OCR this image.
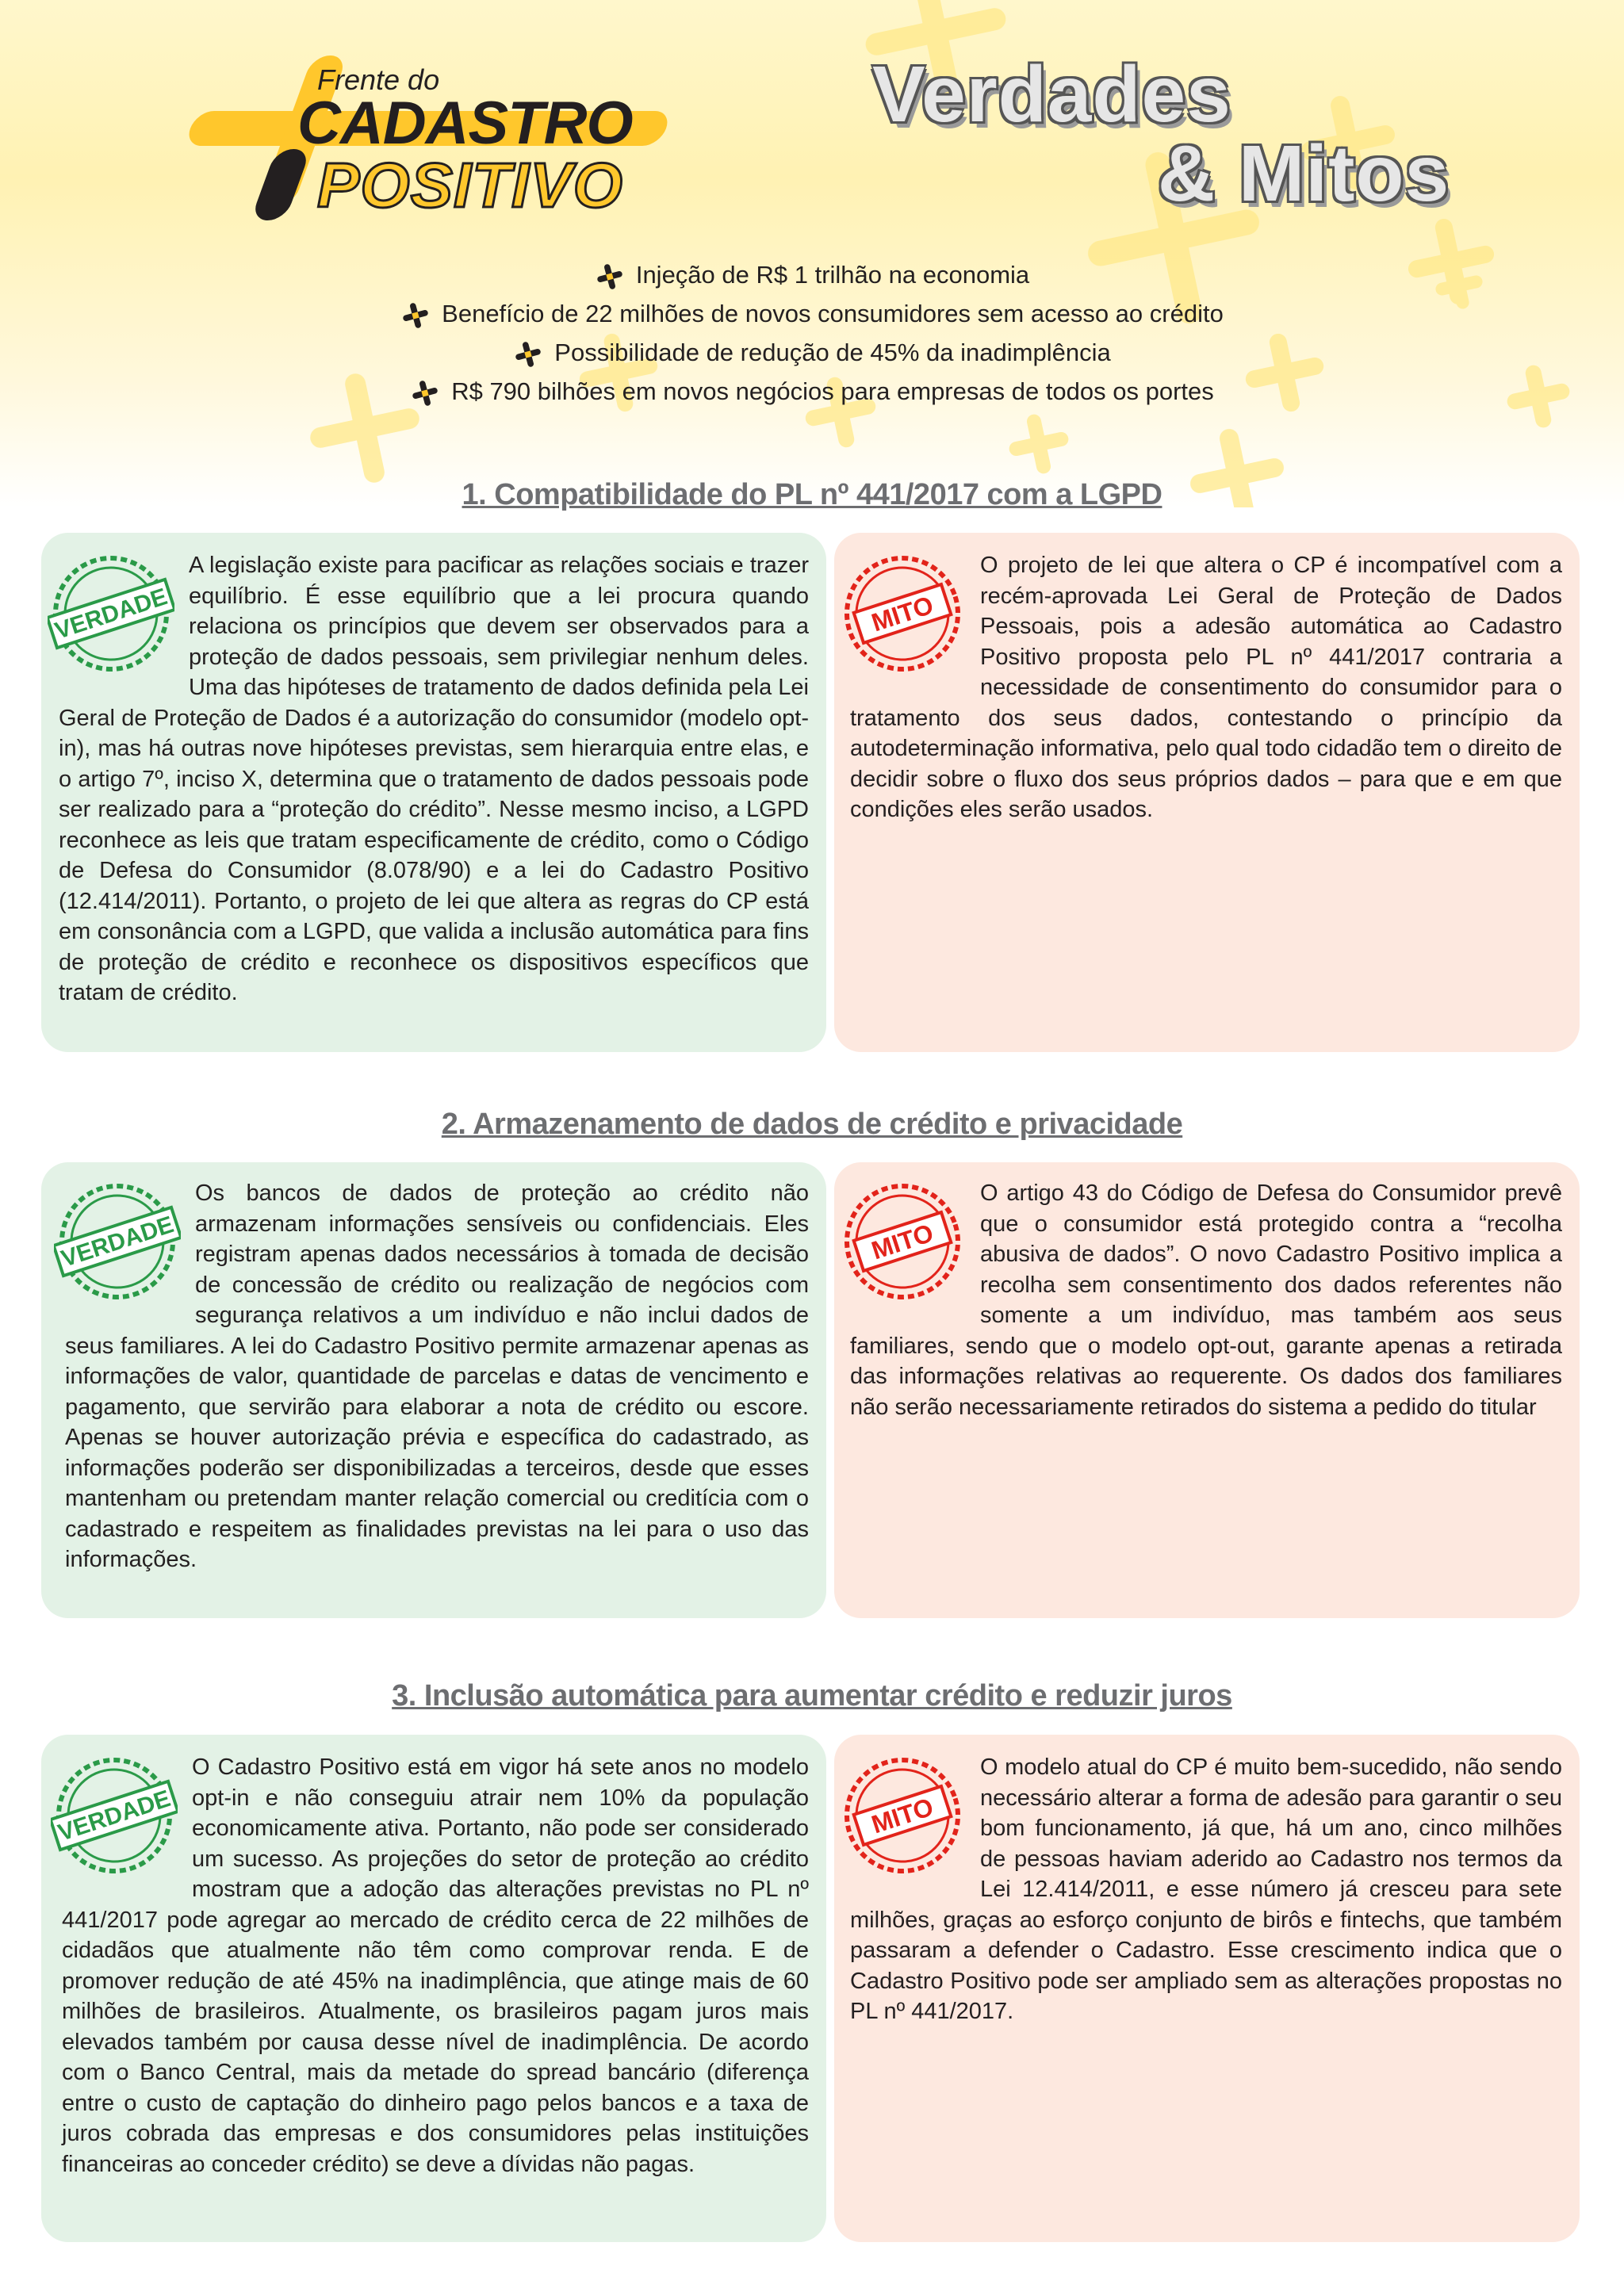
Frente do
CADASTRO
POSITIVO
Verdades
& Mitos
Injeção de R$ 1 trilhão na economia
Benefício de 22 milhões de novos consumidores sem acesso ao crédito
Possibilidade de redução de 45% da inadimplência
R$ 790 bilhões em novos negócios para empresas de todos os portes
1. Compatibilidade do PL nº 441/2017 com a LGPD
VERDADE

A legislação existe para pacificar as relações sociais e trazer equilíbrio. É esse equilíbrio que a lei procura quando relaciona os princípios que devem ser observados para a proteção de dados pessoais, sem privilegiar nenhum deles. Uma das hipóteses de tratamento de dados definida pela Lei Geral de Proteção de Dados é a autorização do consumidor (modelo opt-in), mas há outras nove hipóteses previstas, sem hierarquia entre elas, e o artigo 7º, inciso X, determina que o tratamento de dados pessoais pode ser realizado para a “proteção do crédito”. Nesse mesmo inciso, a LGPD reconhece as leis que tratam especificamente de crédito, como o Código de Defesa do Consumidor (8.078/90) e a lei do Cadastro Positivo (12.414/2011). Portanto, o projeto de lei que altera as regras do CP está em consonância com a LGPD, que valida a inclusão automática para fins de proteção de crédito e reconhece os dispositivos específicos que tratam de crédito.

MITO

O projeto de lei que altera o CP é incompatível com a recém-aprovada Lei Geral de Proteção de Dados Pessoais, pois a adesão automática ao Cadastro Positivo proposta pelo PL nº 441/2017 contraria a necessidade de consentimento do consumidor para o tratamento dos seus dados, contestando o princípio da autodeterminação informativa, pelo qual todo cidadão tem o direito de decidir sobre o fluxo dos seus próprios dados – para que e em que condições eles serão usados.

2. Armazenamento de dados de crédito e privacidade
VERDADE

Os bancos de dados de proteção ao crédito não armazenam informações sensíveis ou confidenciais. Eles registram apenas dados necessários à tomada de decisão de concessão de crédito ou realização de negócios com segurança relativos a um indivíduo e não inclui dados de seus familiares. A lei do Cadastro Positivo permite armazenar apenas as informações de valor, quantidade de parcelas e datas de vencimento e pagamento, que servirão para elaborar a nota de crédito ou escore. Apenas se houver autorização prévia e específica do cadastrado, as informações poderão ser disponibilizadas a terceiros, desde que esses mantenham ou pretendam manter relação comercial ou creditícia com o cadastrado e respeitem as finalidades previstas na lei para o uso das informações.

MITO

O artigo 43 do Código de Defesa do Consumidor prevê que o consumidor está protegido contra a “recolha abusiva de dados”. O novo Cadastro Positivo implica a recolha sem consentimento dos dados referentes não somente a um indivíduo, mas também aos seus familiares, sendo que o modelo opt-out, garante apenas a retirada das informações relativas ao requerente. Os dados dos familiares não serão necessariamente retirados do sistema a pedido do titular

3. Inclusão automática para aumentar crédito e reduzir juros
VERDADE

O Cadastro Positivo está em vigor há sete anos no modelo opt-in e não conseguiu atrair nem 10% da população economicamente ativa. Portanto, não pode ser considerado um sucesso. As projeções do setor de proteção ao crédito mostram que a adoção das alterações previstas no PL nº 441/2017 pode agregar ao mercado de crédito cerca de 22 milhões de cidadãos que atualmente não têm como comprovar renda. E de promover redução de até 45% na inadimplência, que atinge mais de 60 milhões de brasileiros. Atualmente, os brasileiros pagam juros mais elevados também por causa desse nível de inadimplência. De acordo com o Banco Central, mais da metade do spread bancário (diferença entre o custo de captação do dinheiro pago pelos bancos e a taxa de juros cobrada das empresas e dos consumidores pelas instituições financeiras ao conceder crédito) se deve a dívidas não pagas.

MITO

O modelo atual do CP é muito bem-sucedido, não sendo necessário alterar a forma de adesão para garantir o seu bom funcionamento, já que, há um ano, cinco milhões de pessoas haviam aderido ao Cadastro nos termos da Lei 12.414/2011, e esse número já cresceu para sete milhões, graças ao esforço conjunto de birôs e fintechs, que também passaram a defender o Cadastro. Esse crescimento indica que o Cadastro Positivo pode ser ampliado sem as alterações propostas no PL nº 441/2017.
